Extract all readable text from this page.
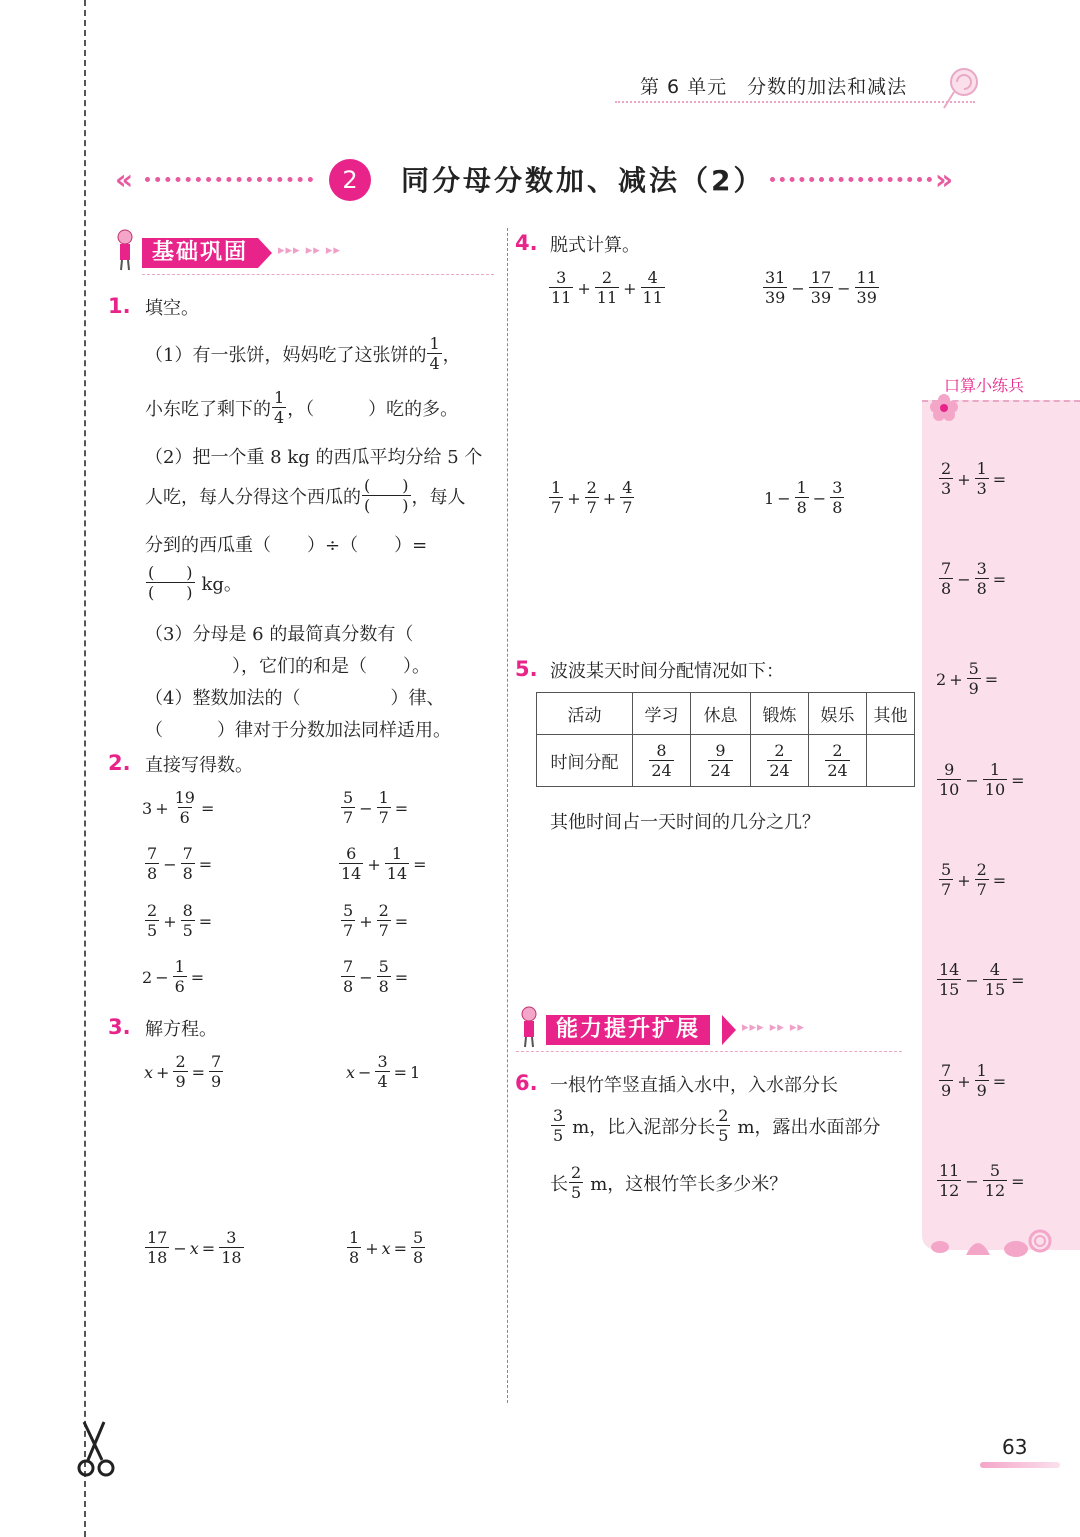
第 6 单元　分数的加法和减法
«	2	同分母分数加、减法（2）	»
基础巩固	▸▸▸ ▸▸ ▸▸
1. 填空。
（1）有一张饼，妈妈吃了这张饼的 $\frac{1}{4}$ ，
小东吃了剩下的 $\frac{1}{4}$ ，（　　　）吃的多。
（2）把一个重 8 kg 的西瓜平均分给 5 个
人吃，每人分得这个西瓜的 $\frac{( )}{( )}$ ，每人
分到的西瓜重（　　）÷（　　）=
$\frac{( )}{( )}$ kg。
（3）分母是 6 的最简真分数有（
），它们的和是（　　）。
（4）整数加法的（　　　　　）律、
（　　　）律对于分数加法同样适用。
2. 直接写得数。
$3 + \frac{19}{6}$ =	$\frac{5}{7} - \frac{1}{7}$ =
$\frac{7}{8} - \frac{7}{8}$ =	$\frac{6}{14} + \frac{1}{14}$ =
$\frac{2}{5} + \frac{8}{5}$ =	$\frac{5}{7} + \frac{2}{7}$ =
$2 - \frac{1}{6}$ =	$\frac{7}{8} - \frac{5}{8}$ =
3. 解方程。
$x + \frac{2}{9} = \frac{7}{9}$	$x - \frac{3}{4} = 1$
$\frac{17}{18} - x = \frac{3}{18}$	$\frac{1}{8} + x = \frac{5}{8}$
4. 脱式计算。
$\frac{3}{11} + \frac{2}{11} + \frac{4}{11}$	$\frac{31}{39} - \frac{17}{39} - \frac{11}{39}$
$\frac{1}{7} + \frac{2}{7} + \frac{4}{7}$	$1 - \frac{1}{8} - \frac{3}{8}$
5. 波波某天时间分配情况如下：
活动	学习	休息	锻炼	娱乐	其他
时间分配	$\frac{8}{24}$	$\frac{9}{24}$	$\frac{2}{24}$	$\frac{2}{24}$

其他时间占一天时间的几分之几？
能力提升扩展	▸▸▸ ▸▸ ▸▸
6. 一根竹竿竖直插入水中，入水部分长
$\frac{3}{5}$ m，比入泥部分长 $\frac{2}{5}$ m，露出水面部分
长 $\frac{2}{5}$ m，这根竹竿长多少米？
口算小练兵
$\frac{2}{3} + \frac{1}{3}$ =
$\frac{7}{8} - \frac{3}{8}$ =
$2 + \frac{5}{9}$ =
$\frac{9}{10} - \frac{1}{10}$ =
$\frac{5}{7} + \frac{2}{7}$ =
$\frac{14}{15} - \frac{4}{15}$ =
$\frac{7}{9} + \frac{1}{9}$ =
$\frac{11}{12} - \frac{5}{12}$ =
63
